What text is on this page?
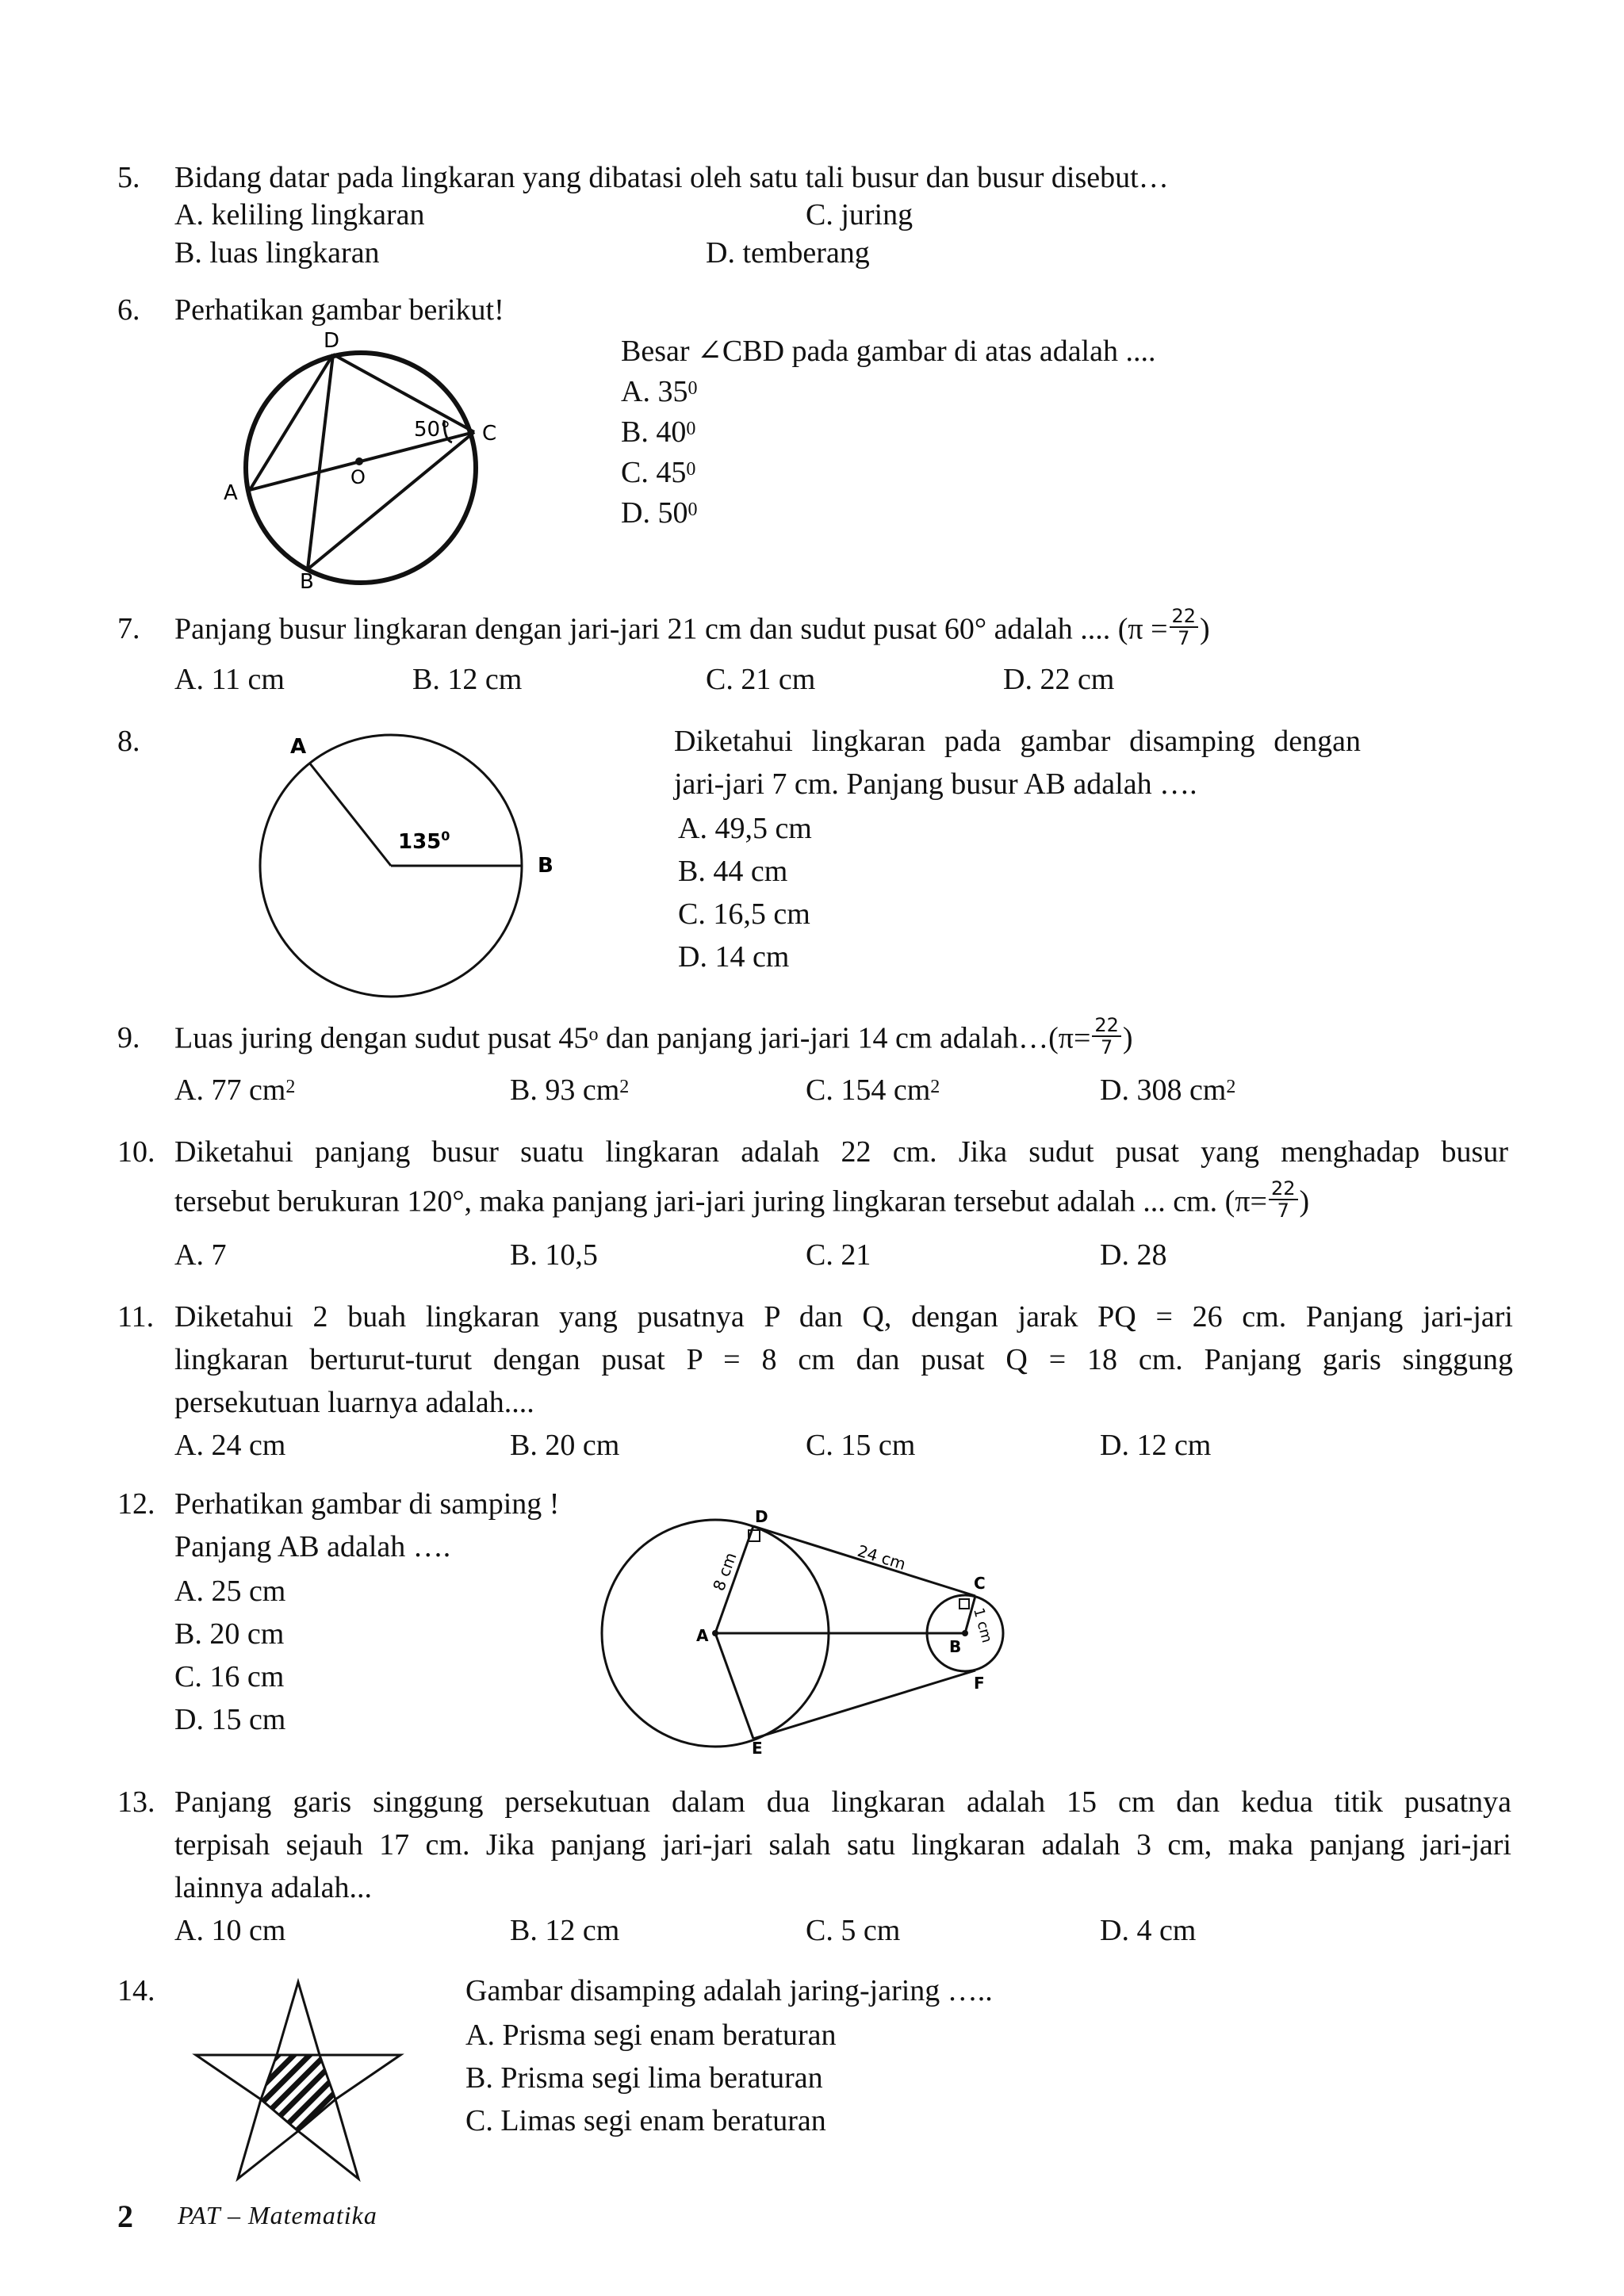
5. Bidang datar pada lingkaran yang dibatasi oleh satu tali busur dan busur disebut…
A. keliling lingkaran	C. juring
B. luas lingkaran	D. temberang
6. Perhatikan gambar berikut!
D
C
A
B
O
50°
Besar ∠CBD pada gambar di atas adalah ....
A. $35^0$
B. $40^0$
C. $45^0$
D. $50^0$
7. Panjang busur lingkaran dengan jari-jari 21 cm dan sudut pusat 60° adalah .... ($\pi = \frac{22}{7}$ )
A. 11 cm	B. 12 cm	C. 21 cm	D. 22 cm
8.	A
B
$135^0$
Diketahui lingkaran pada gambar disamping dengan
jari-jari 7 cm. Panjang busur AB adalah ….
A. 49,5 cm
B. 44 cm
C. 16,5 cm
D. 14 cm
9. Luas juring dengan sudut pusat 45$^o$ dan panjang jari-jari 14 cm adalah…(π= $\frac{22}{7}$ )
A. 77 $cm^2$	B. 93 $cm^2$	C. 154 $cm^2$	D. 308 $cm^2$
10. Diketahui panjang busur suatu lingkaran adalah 22 cm. Jika sudut pusat yang menghadap busur
tersebut berukuran 120°, maka panjang jari-jari juring lingkaran tersebut adalah ... cm. ($\pi= \frac{22}{7}$ )
A. 7	B. 10,5	C. 21	D. 28
11. Diketahui 2 buah lingkaran yang pusatnya P dan Q, dengan jarak PQ = 26 cm. Panjang jari-jari
lingkaran berturut-turut dengan pusat P = 8 cm dan pusat Q = 18 cm. Panjang garis singgung
persekutuan luarnya adalah....
A. 24 cm	B. 20 cm	C. 15 cm	D. 12 cm
12. Perhatikan gambar di samping !
Panjang AB adalah ….
A. 25 cm
B. 20 cm
C. 16 cm
D. 15 cm
D
C
A
B
F
E
24 cm
8 cm
1 cm
13. Panjang garis singgung persekutuan dalam dua lingkaran adalah 15 cm dan kedua titik pusatnya
terpisah sejauh 17 cm. Jika panjang jari-jari salah satu lingkaran adalah 3 cm, maka panjang jari-jari
lainnya adalah...
A. 10 cm	B. 12 cm	C. 5 cm	D. 4 cm
14.	Gambar disamping adalah jaring-jaring …..
A. Prisma segi enam beraturan
B. Prisma segi lima beraturan
C. Limas segi enam beraturan
2 PAT – Matematika
